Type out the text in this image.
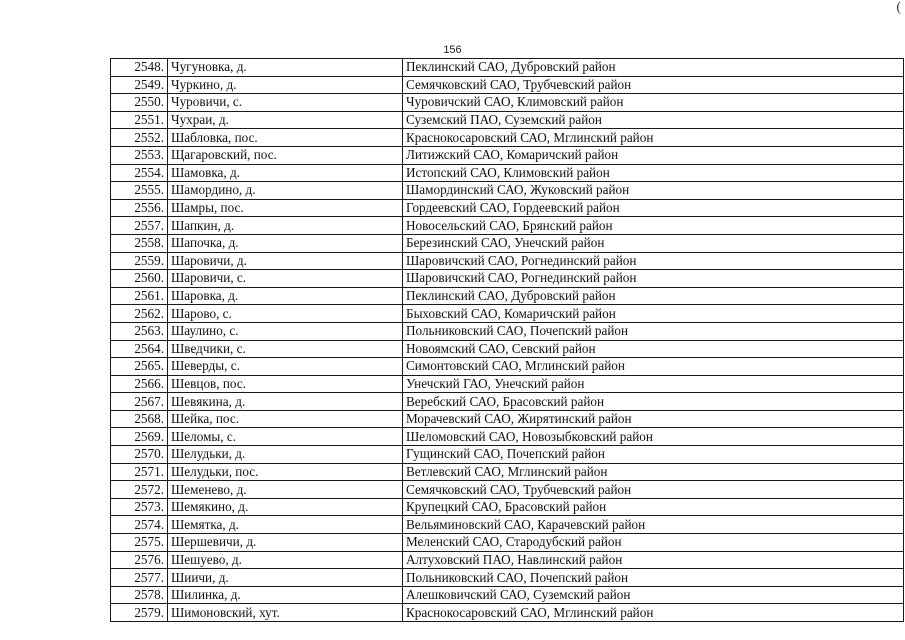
156
(
2548.	Чугуновка, д.	Пеклинский САО, Дубровский район
2549.	Чуркино, д.	Семячковский САО, Трубчевский район
2550.	Чуровичи, с.	Чуровичский САО, Климовский район
2551.	Чухраи, д.	Суземский ПАО, Суземский район
2552.	Шабловка, пос.	Краснокосаровский САО, Мглинский район
2553.	Щагаровский, пос.	Литижский САО, Комаричский район
2554.	Шамовка, д.	Истопский САО, Климовский район
2555.	Шамордино, д.	Шамординский САО, Жуковский район
2556.	Шамры, пос.	Гордеевский САО, Гордеевский район
2557.	Шапкин, д.	Новосельский САО, Брянский район
2558.	Шапочка, д.	Березинский САО, Унечский район
2559.	Шаровичи, д.	Шаровичский САО, Рогнединский район
2560.	Шаровичи, с.	Шаровичский САО, Рогнединский район
2561.	Шаровка, д.	Пеклинский САО, Дубровский район
2562.	Шарово, с.	Быховский САО, Комаричский район
2563.	Шаулино, с.	Польниковский САО, Почепский район
2564.	Шведчики, с.	Новоямский САО, Севский район
2565.	Шеверды, с.	Симонтовский САО, Мглинский район
2566.	Шевцов, пос.	Унечский ГАО, Унечский район
2567.	Шевякина, д.	Веребский САО, Брасовский район
2568.	Шейка, пос.	Морачевский САО, Жирятинский район
2569.	Шеломы, с.	Шеломовский САО, Новозыбковский район
2570.	Шелудьки, д.	Гущинский САО, Почепский район
2571.	Шелудьки, пос.	Ветлевский САО, Мглинский район
2572.	Шеменево, д.	Семячковский САО, Трубчевский район
2573.	Шемякино, д.	Крупецкий САО, Брасовский район
2574.	Шемятка, д.	Вельяминовский САО, Карачевский район
2575.	Шершевичи, д.	Меленский САО, Стародубский район
2576.	Шешуево, д.	Алтуховский ПАО, Навлинский район
2577.	Шиичи, д.	Польниковский САО, Почепский район
2578.	Шилинка, д.	Алешковичский САО, Суземский район
2579.	Шимоновский, хут.	Краснокосаровский САО, Мглинский район
